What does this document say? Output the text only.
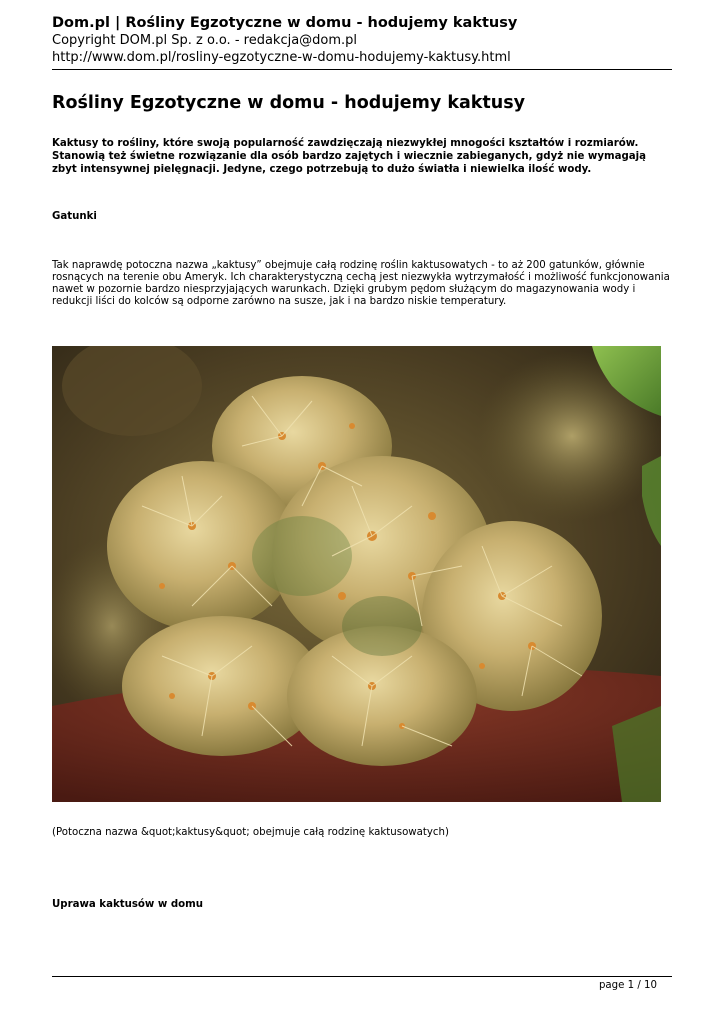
Dom.pl | Rośliny Egzotyczne w domu - hodujemy kaktusy

Copyright DOM.pl Sp. z o.o. - redakcja@dom.pl

http://www.dom.pl/rosliny-egzotyczne-w-domu-hodujemy-kaktusy.html

Rośliny Egzotyczne w domu - hodujemy kaktusy

Kaktusy to rośliny, które swoją popularność zawdzięczają niezwykłej mnogości kształtów i rozmiarów. Stanowią też świetne rozwiązanie dla osób bardzo zajętych i wiecznie zabieganych, gdyż nie wymagają zbyt intensywnej pielęgnacji. Jedyne, czego potrzebują to dużo światła i niewielka ilość wody.

Gatunki

Tak naprawdę potoczna nazwa „kaktusy” obejmuje całą rodzinę roślin kaktusowatych - to aż 200 gatunków, głównie rosnących na terenie obu Ameryk. Ich charakterystyczną cechą jest niezwykła wytrzymałość i możliwość funkcjonowania nawet w pozornie bardzo niesprzyjających warunkach. Dzięki grubym pędom służącym do magazynowania wody i redukcji liści do kolców są odporne zarówno na susze, jak i na bardzo niskie temperatury.

(Potoczna nazwa &quot;kaktusy&quot; obejmuje całą rodzinę kaktusowatych)

Uprawa kaktusów w domu

page 1 / 10
